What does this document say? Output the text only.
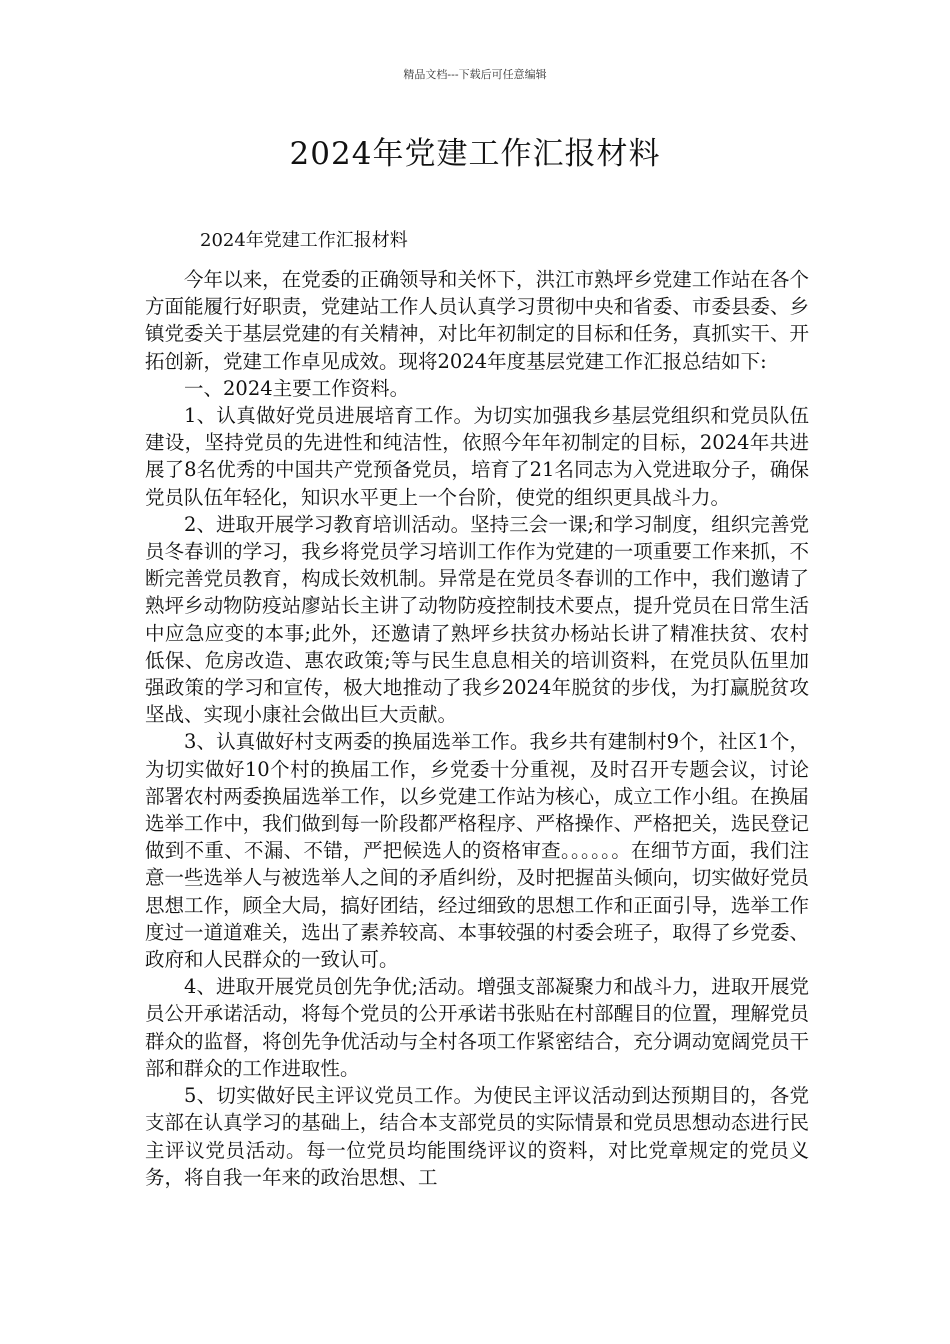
精品文档---下载后可任意编辑
2024年党建工作汇报材料
2024年党建工作汇报材料

今年以来，在党委的正确领导和关怀下，洪江市熟坪乡党建工作站在各个方面能履行好职责，党建站工作人员认真学习贯彻中央和省委、市委县委、乡镇党委关于基层党建的有关精神，对比年初制定的目标和任务，真抓实干、开拓创新，党建工作卓见成效。现将2024年度基层党建工作汇报总结如下:

一、2024主要工作资料。

1、认真做好党员进展培育工作。为切实加强我乡基层党组织和党员队伍建设，坚持党员的先进性和纯洁性，依照今年年初制定的目标，2024年共进展了8名优秀的中国共产党预备党员，培育了21名同志为入党进取分子，确保党员队伍年轻化，知识水平更上一个台阶，使党的组织更具战斗力。

2、进取开展学习教育培训活动。坚持三会一课;和学习制度，组织完善党员冬春训的学习，我乡将党员学习培训工作作为党建的一项重要工作来抓，不断完善党员教育，构成长效机制。异常是在党员冬春训的工作中，我们邀请了熟坪乡动物防疫站廖站长主讲了动物防疫控制技术要点，提升党员在日常生活中应急应变的本事;此外，还邀请了熟坪乡扶贫办杨站长讲了精准扶贫、农村低保、危房改造、惠农政策;等与民生息息相关的培训资料，在党员队伍里加强政策的学习和宣传，极大地推动了我乡2024年脱贫的步伐，为打赢脱贫攻坚战、实现小康社会做出巨大贡献。

3、认真做好村支两委的换届选举工作。我乡共有建制村9个，社区1个，为切实做好10个村的换届工作，乡党委十分重视，及时召开专题会议，讨论部署农村两委换届选举工作，以乡党建工作站为核心，成立工作小组。在换届选举工作中，我们做到每一阶段都严格程序、严格操作、严格把关，选民登记做到不重、不漏、不错，严把候选人的资格审查。。。。。。在细节方面，我们注意一些选举人与被选举人之间的矛盾纠纷，及时把握苗头倾向，切实做好党员思想工作，顾全大局，搞好团结，经过细致的思想工作和正面引导，选举工作度过一道道难关，选出了素养较高、本事较强的村委会班子，取得了乡党委、政府和人民群众的一致认可。

4、进取开展党员创先争优;活动。增强支部凝聚力和战斗力，进取开展党员公开承诺活动，将每个党员的公开承诺书张贴在村部醒目的位置，理解党员群众的监督，将创先争优活动与全村各项工作紧密结合，充分调动宽阔党员干部和群众的工作进取性。

5、切实做好民主评议党员工作。为使民主评议活动到达预期目的，各党支部在认真学习的基础上，结合本支部党员的实际情景和党员思想动态进行民主评议党员活动。每一位党员均能围绕评议的资料，对比党章规定的党员义务，将自我一年来的政治思想、工
